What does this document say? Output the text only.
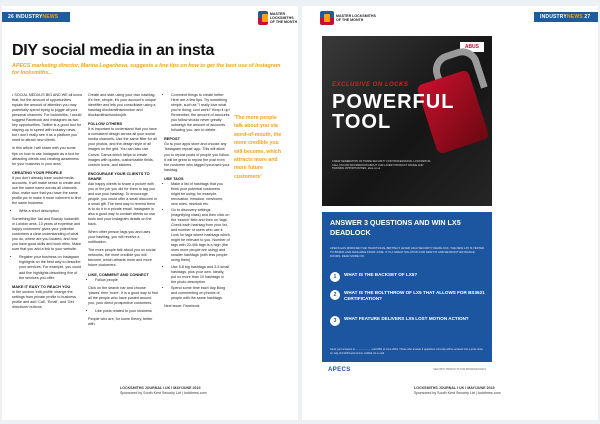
26 INDUSTRYNEWS	MASTER LOCKSMITHS
OF THE MONTH
DIY social media in an insta
APECS marketing director, Marina Logacheva, suggests a few tips on how to get the best use of Instagram for locksmiths...

• SOCIAL MEDIA IS BIG AND WE all know that, but the amount of opportunities equals the amount of attention you may potentially spend trying to juggle all your personal channels. For locksmiths, I would suggest Facebook and Instagram as two key opportunities. Twitter is a good tool for staying up to speed with industry news, but I don't really see it as a platform you need to attract new clients.

In this article I will share with you some tips on how to use Instagram as a tool for attracting clients and creating awareness for your business in your area.

CREATING YOUR PROFILE

If you don't already have social media accounts, it will make sense to create and use the same name across all channels. Also, make sure that you have the same profile pic to make it more coherent to find the same business.

• Write a short description

Something like 'Ian and Brandy locksmith in London area. 10 years of expertise and happy customers' gives your potential customers a clear understanding of what you do, where are you located, and how you have good skills and work ethic. Make sure that you add a link to your website.

• Register your business on Instagram highlights on the best way to describe your services. For example, you could add five highlights describing five of the services you offer.
MAKE IT EASY TO REACH YOU

In the section 'edit profile' change the settings from private profile to business profile and add 'Call', 'Email', and 'Get directions' buttons.

Create and start using your own hashtag. It's free, simple, it's your account's unique identifier and lets you consolidate using a hashtag #locksmithsinlondon and #locksmithsinlondonjob.

FOLLOW OTHERS

It is important to understand that you have a consistent design across all your social media channels. Use the same filter for all your photos, and the design style of all images on the grid. You can also use Canva. Canva which helps to create images with quotes, customizable fields, custom icons, and stickers.

ENCOURAGE YOUR CLIENTS TO SHARE

Ask happy clients to share a picture with you or the job you did for them to tag you and use your hashtag. To encourage people, you could offer a small discount or a small gift. The best way to remind them is to do it in a private email. Instagram is also a good way to contact clients so use tools and your Instagram details on the back.

When other person tags you and uses your hashtag, you will receive a notification.

The more people talk about you on social networks, the more credible you will become, which attracts more and more future customers.

LIKE, COMMENT AND CONNECT
• Follow people

Click on the search bar and choose 'places' then 'more'. It is a good way to find all the people who have posted around you, your direct prospective customers.

• Like posts related to your business

People who are, for some theory, better with.

• Comment things to create better Here are a few tips. Try something simple, such as "I really love what you're doing, cool work!" Keep it up! Remember, the amount of accounts you follow should never greatly outweigh the amount of accounts following you, aim to delete.
REPOST

Go to your apps store and choose any 'Instagram repost' app. This will allow you to repost posts of people you follow. It will be great to repost the post from the customer who tagged you/used your hashtag.

USE TAGS
• Make a list of hashtags that you think your potential customers might be using; for example, renovation, newdoor, newhome, new rules, newlock etc.
• Go to discovery settings (magnifying class) and then click on the 'search' field and then on 'tags'. Check each hashtag from your list, and number of users who use it. Look for tags where hashtags which might be relevant to you. Number of tags with 20-40k tags is a high (the ones more people are using) and smaller hashtags (with less people using them).
• Use 5-8 big hashtags and 3-5 small hashtags, plus your own. Ideally, put no more than 10 hashtags in the photo description.
• Spend some time each day liking and commenting on photos of people with the same hashtags.

Next issue: Facebook

'The more people talk about you via word-of-mouth, the more credible you will become, which attracts more and more future customers'
LOCKSMITHS JOURNAL I UK I MAY/JUNE 2019
Sponsored by South Kent Security Ltd | locktimes.com
MASTER LOCKSMITHS
OF THE MONTH	INDUSTRYNEWS 27
ABUS
EXCLUSIVE ON LOCKS
POWERFUL
TOOL
A NEW GENERATION OF TRADE SECURITY FOR PROFESSIONAL LOCKSMITHS. CALL US FOR INFORMATION ABOUT OUR LATEST PRODUCT RANGE AND TRAINING OPPORTUNITIES. abus.co.uk
ANSWER 3 QUESTIONS AND WIN LX5 DEADLOCK
APECS HAS MODIFIED THE TRADITIONAL BRITISH 5 LEVER HIGH SECURITY DEADLOCK. THE NEW LX5 IS TESTED TO BS3621 AND AVAILABLE FROM JUNE. IT IS A GREAT SOLUTION FOR NEW FIT AND RETROFIT ENTRANCE DOORS. READ MORE ON
1	WHAT IS THE BACKSET OF LX5?
2	WHAT IS THE BOLTTHROW OF LX5 THAT ALLOWS FOR BS3621 CERTIFICATION?
3	WHAT FEATURE DELIVERS LX5 LOST MOTION ACTION?
Send your answers to ..................... until 25th of June 2019. Those who answer 3 questions correctly will be entered into a prize draw on July 2nd 2019 and winner notified via e-mail
APECS	SECURITY PRODUCTS FOR PROFESSIONALS
LOCKSMITHS JOURNAL I UK I MAY/JUNE 2019
Sponsored by South Kent Security Ltd | locktimes.com
